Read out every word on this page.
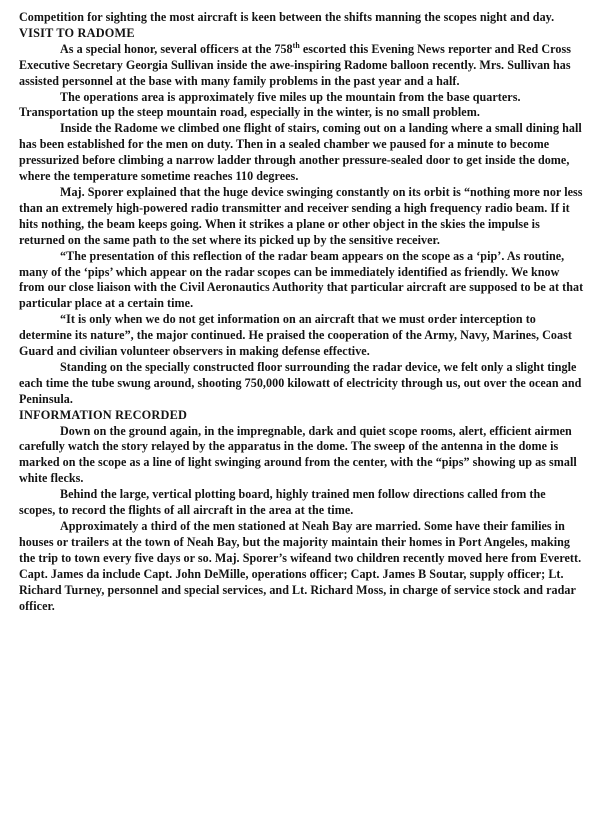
Competition for sighting the most aircraft is keen between the shifts manning the scopes night and day.

VISIT TO RADOME

As a special honor, several officers at the 758th escorted this Evening News reporter and Red Cross Executive Secretary Georgia Sullivan inside the awe-inspiring Radome balloon recently. Mrs. Sullivan has assisted personnel at the base with many family problems in the past year and a half.

The operations area is approximately five miles up the mountain from the base quarters. Transportation up the steep mountain road, especially in the winter, is no small problem.

Inside the Radome we climbed one flight of stairs, coming out on a landing where a small dining hall has been established for the men on duty. Then in a sealed chamber we paused for a minute to become pressurized before climbing a narrow ladder through another pressure-sealed door to get inside the dome, where the temperature sometime reaches 110 degrees.

Maj. Sporer explained that the huge device swinging constantly on its orbit is “nothing more nor less than an extremely high-powered radio transmitter and receiver sending a high frequency radio beam. If it hits nothing, the beam keeps going. When it strikes a plane or other object in the skies the impulse is returned on the same path to the set where its picked up by the sensitive receiver.

“The presentation of this reflection of the radar beam appears on the scope as a ‘pip’. As routine, many of the ‘pips’ which appear on the radar scopes can be immediately identified as friendly. We know from our close liaison with the Civil Aeronautics Authority that particular aircraft are supposed to be at that particular place at a certain time.

“It is only when we do not get information on an aircraft that we must order interception to determine its nature”, the major continued. He praised the cooperation of the Army, Navy, Marines, Coast Guard and civilian volunteer observers in making defense effective.

Standing on the specially constructed floor surrounding the radar device, we felt only a slight tingle each time the tube swung around, shooting 750,000 kilowatt of electricity through us, out over the ocean and Peninsula.

INFORMATION RECORDED

Down on the ground again, in the impregnable, dark and quiet scope rooms, alert, efficient airmen carefully watch the story relayed by the apparatus in the dome. The sweep of the antenna in the dome is marked on the scope as a line of light swinging around from the center, with the “pips” showing up as small white flecks.

Behind the large, vertical plotting board, highly trained men follow directions called from the scopes, to record the flights of all aircraft in the area at the time.

Approximately a third of the men stationed at Neah Bay are married. Some have their families in houses or trailers at the town of Neah Bay, but the majority maintain their homes in Port Angeles, making the trip to town every five days or so. Maj. Sporer’s wifeand two children recently moved here from Everett. Capt. James da include Capt. John DeMille, operations officer; Capt. James B Soutar, supply officer; Lt. Richard Turney, personnel and special services, and Lt. Richard Moss, in charge of service stock and radar officer.
